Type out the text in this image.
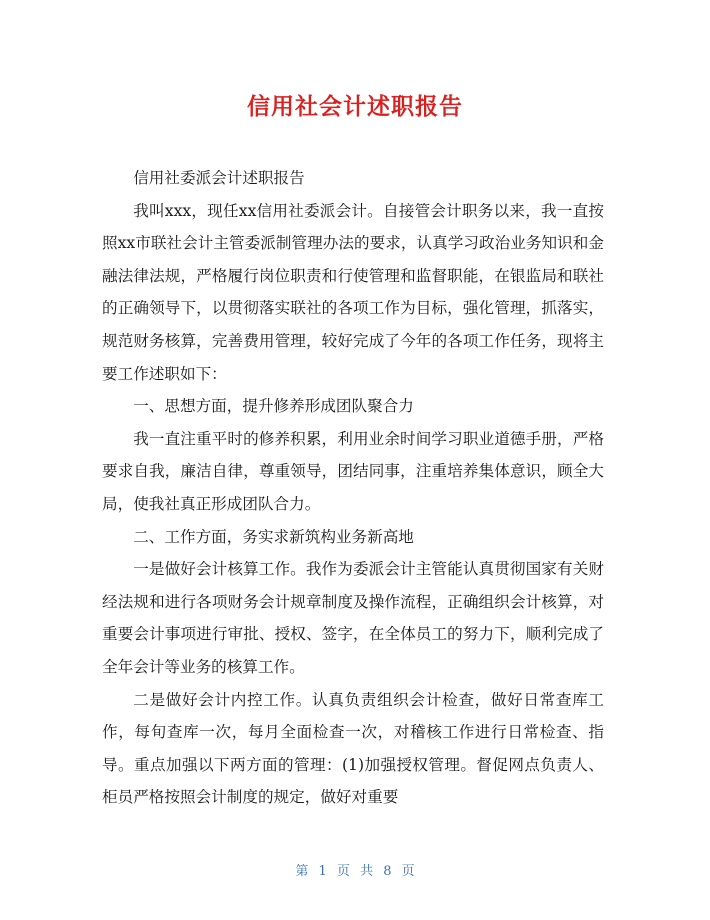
信用社会计述职报告

信用社委派会计述职报告

我叫xxx，现任xx信用社委派会计。自接管会计职务以来，我一直按照xx市联社会计主管委派制管理办法的要求，认真学习政治业务知识和金融法律法规，严格履行岗位职责和行使管理和监督职能，在银监局和联社的正确领导下，以贯彻落实联社的各项工作为目标，强化管理，抓落实，规范财务核算，完善费用管理，较好完成了今年的各项工作任务，现将主要工作述职如下：

一、思想方面，提升修养形成团队聚合力

我一直注重平时的修养积累，利用业余时间学习职业道德手册，严格要求自我，廉洁自律，尊重领导，团结同事，注重培养集体意识，顾全大局，使我社真正形成团队合力。

二、工作方面，务实求新筑构业务新高地

一是做好会计核算工作。我作为委派会计主管能认真贯彻国家有关财经法规和进行各项财务会计规章制度及操作流程，正确组织会计核算，对重要会计事项进行审批、授权、签字，在全体员工的努力下，顺利完成了全年会计等业务的核算工作。

二是做好会计内控工作。认真负责组织会计检查，做好日常查库工作，每旬查库一次，每月全面检查一次，对稽核工作进行日常检查、指导。重点加强以下两方面的管理：(1)加强授权管理。督促网点负责人、柜员严格按照会计制度的规定，做好对重要

第 1 页 共 8 页
